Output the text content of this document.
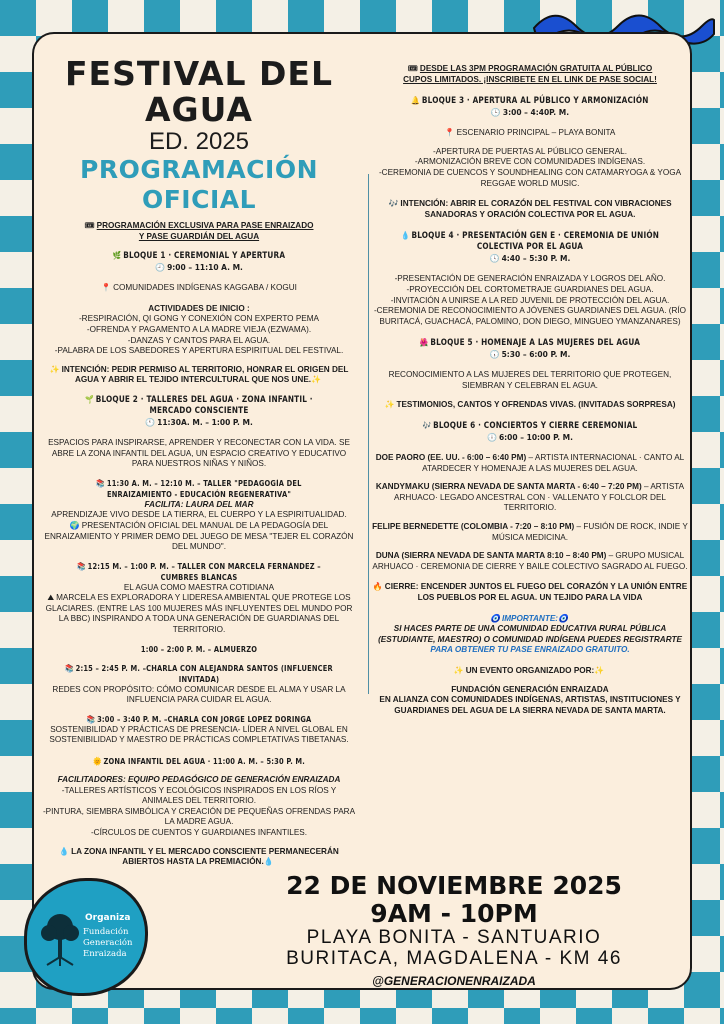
FESTIVAL DEL AGUA
ED. 2025
PROGRAMACIÓN OFICIAL
🎟 PROGRAMACIÓN EXCLUSIVA PARA PASE ENRAIZADO
Y PASE GUARDIÁN DEL AGUA
🌿 BLOQUE 1 · CEREMONIAL Y APERTURA
🕘 9:00 – 11:10 A. M.
📍 COMUNIDADES INDÍGENAS KAGGABA / KOGUI
ACTIVIDADES DE INICIO :
-RESPIRACIÓN, QI GONG Y CONEXIÓN CON EXPERTO PEMA
-OFRENDA Y PAGAMENTO A LA MADRE VIEJA (EZWAMA).
-DANZAS Y CANTOS PARA EL AGUA.
-PALABRA DE LOS SABEDORES Y APERTURA ESPIRITUAL DEL FESTIVAL.
✨ INTENCIÓN: PEDIR PERMISO AL TERRITORIO, HONRAR EL ORIGEN DEL AGUA Y ABRIR EL TEJIDO INTERCULTURAL QUE NOS UNE.✨
🌱 BLOQUE 2 · TALLERES DEL AGUA · ZONA INFANTIL · MERCADO CONSCIENTE
🕚 11:30A. M. – 1:00 P. M.
ESPACIOS PARA INSPIRARSE, APRENDER Y RECONECTAR CON LA VIDA. SE ABRE LA ZONA INFANTIL DEL AGUA, UN ESPACIO CREATIVO Y EDUCATIVO PARA NUESTROS NIÑAS Y NIÑOS.
📚 11:30 A. M. – 12:10 M. – TALLER "PEDAGOGÍA DEL ENRAIZAMIENTO - EDUCACIÓN REGENERATIVA"
FACILITA: LAURA DEL MAR
APRENDIZAJE VIVO DESDE LA TIERRA, EL CUERPO Y LA ESPIRITUALIDAD.
🌍 PRESENTACIÓN OFICIAL DEL MANUAL DE LA PEDAGOGÍA DEL ENRAIZAMIENTO Y PRIMER DEMO DEL JUEGO DE MESA "TEJER EL CORAZÓN DEL MUNDO".
📚 12:15 M. – 1:00 P. M. – TALLER CON MARCELA FERNÁNDEZ – CUMBRES BLANCAS
EL AGUA COMO MAESTRA COTIDIANA
⛰ MARCELA ES EXPLORADORA Y LIDERESA AMBIENTAL QUE PROTEGE LOS GLACIARES. (ENTRE LAS 100 MUJERES MÁS INFLUYENTES DEL MUNDO POR LA BBC) INSPIRANDO A TODA UNA GENERACIÓN DE GUARDIANAS DEL TERRITORIO.
1:00 – 2:00 P. M. – ALMUERZO
📚 2:15 – 2:45 P. M. –CHARLA CON ALEJANDRA SANTOS (INFLUENCER INVITADA)
REDES CON PROPÓSITO: CÓMO COMUNICAR DESDE EL ALMA Y USAR LA INFLUENCIA PARA CUIDAR EL AGUA.
📚 3:00 – 3:40 P. M. –CHARLA CON JORGE LOPEZ DORINGA
SOSTENIBILIDAD Y PRÁCTICAS DE PRESENCIA- LÍDER A NIVEL GLOBAL EN SOSTENIBILIDAD Y MAESTRO DE PRÁCTICAS COMPLETATIVAS TIBETANAS.
🌞 ZONA INFANTIL DEL AGUA · 11:00 A. M. – 5:30 P. M.
FACILITADORES: EQUIPO PEDAGÓGICO DE GENERACIÓN ENRAIZADA
-TALLERES ARTÍSTICOS Y ECOLÓGICOS INSPIRADOS EN LOS RÍOS Y ANIMALES DEL TERRITORIO.
-PINTURA, SIEMBRA SIMBÓLICA Y CREACIÓN DE PEQUEÑAS OFRENDAS PARA LA MADRE AGUA.
-CÍRCULOS DE CUENTOS Y GUARDIANES INFANTILES.
💧 LA ZONA INFANTIL Y EL MERCADO CONSCIENTE PERMANECERÁN ABIERTOS HASTA LA PREMIACIÓN.💧
🎟 DESDE LAS 3PM PROGRAMACIÓN GRATUITA AL PÚBLICO
CUPOS LIMITADOS. ¡INSCRIBETE EN EL LINK DE PASE SOCIAL!
🔔 BLOQUE 3 · APERTURA AL PÚBLICO Y ARMONIZACIÓN
🕒 3:00 – 4:40P. M.
📍 ESCENARIO PRINCIPAL – PLAYA BONITA
-APERTURA DE PUERTAS AL PÚBLICO GENERAL.
-ARMONIZACIÓN BREVE CON COMUNIDADES INDÍGENAS.
-CEREMONIA DE CUENCOS Y SOUNDHEALING CON CATAMARYOGA & YOGA REGGAE WORLD MUSIC.
🎶 INTENCIÓN: ABRIR EL CORAZÓN DEL FESTIVAL CON VIBRACIONES SANADORAS Y ORACIÓN COLECTIVA POR EL AGUA.
💧 BLOQUE 4 · PRESENTACIÓN GEN E · CEREMONIA DE UNIÓN COLECTIVA POR EL AGUA
🕓 4:40 – 5:30 P. M.
-PRESENTACIÓN DE GENERACIÓN ENRAIZADA Y LOGROS DEL AÑO.
-PROYECCIÓN DEL CORTOMETRAJE GUARDIANES DEL AGUA.
-INVITACIÓN A UNIRSE A LA RED JUVENIL DE PROTECCIÓN DEL AGUA.
-CEREMONIA DE RECONOCIMIENTO A JÓVENES GUARDIANES DEL AGUA. (RÍO BURITACÁ, GUACHACÁ, PALOMINO, DON DIEGO, MINGUEO YMANZANARES)
🌺 BLOQUE 5 · HOMENAJE A LAS MUJERES DEL AGUA
🕠 5:30 – 6:00 P. M.
RECONOCIMIENTO A LAS MUJERES DEL TERRITORIO QUE PROTEGEN, SIEMBRAN Y CELEBRAN EL AGUA.
✨ TESTIMONIOS, CANTOS Y OFRENDAS VIVAS. (INVITADAS SORPRESA)
🎶 BLOQUE 6 · CONCIERTOS Y CIERRE CEREMONIAL
🕕 6:00 – 10:00 P. M.
DOE PAORO (EE. UU. - 6:00 – 6:40 PM) – ARTISTA INTERNACIONAL · CANTO AL ATARDECER Y HOMENAJE A LAS MUJERES DEL AGUA.
KANDYMAKU (SIERRA NEVADA DE SANTA MARTA - 6:40 – 7:20 PM) – ARTISTA ARHUACO· LEGADO ANCESTRAL CON · VALLENATO Y FOLCLOR DEL TERRITORIO.
FELIPE BERNEDETTE (COLOMBIA - 7:20 – 8:10 PM) – FUSIÓN DE ROCK, INDIE Y MÚSICA MEDICINA.
DUNA (SIERRA NEVADA DE SANTA MARTA 8:10 – 8:40 PM) – GRUPO MUSICAL ARHUACO · CEREMONIA DE CIERRE Y BAILE COLECTIVO SAGRADO AL FUEGO.
🔥 CIERRE: ENCENDER JUNTOS EL FUEGO DEL CORAZÓN Y LA UNIÓN ENTRE LOS PUEBLOS POR EL AGUA. UN TEJIDO PARA LA VIDA
🧿 IMPORTANTE:🧿
SI HACES PARTE DE UNA COMUNIDAD EDUCATIVA RURAL PÚBLICA (ESTUDIANTE, MAESTRO) O COMUNIDAD INDÍGENA PUEDES REGISTRARTE PARA OBTENER TU PASE ENRAIZADO GRATUITO.
✨ UN EVENTO ORGANIZADO POR:✨
FUNDACIÓN GENERACIÓN ENRAIZADA
EN ALIANZA CON COMUNIDADES INDÍGENAS, ARTISTAS, INSTITUCIONES Y GUARDIANES DEL AGUA DE LA SIERRA NEVADA DE SANTA MARTA.
22 DE NOVIEMBRE 2025
9AM - 10PM
PLAYA BONITA - SANTUARIO
BURITACA, MAGDALENA - KM 46
@GENERACIONENRAIZADA
Organiza
Fundación
Generación
Enraizada
